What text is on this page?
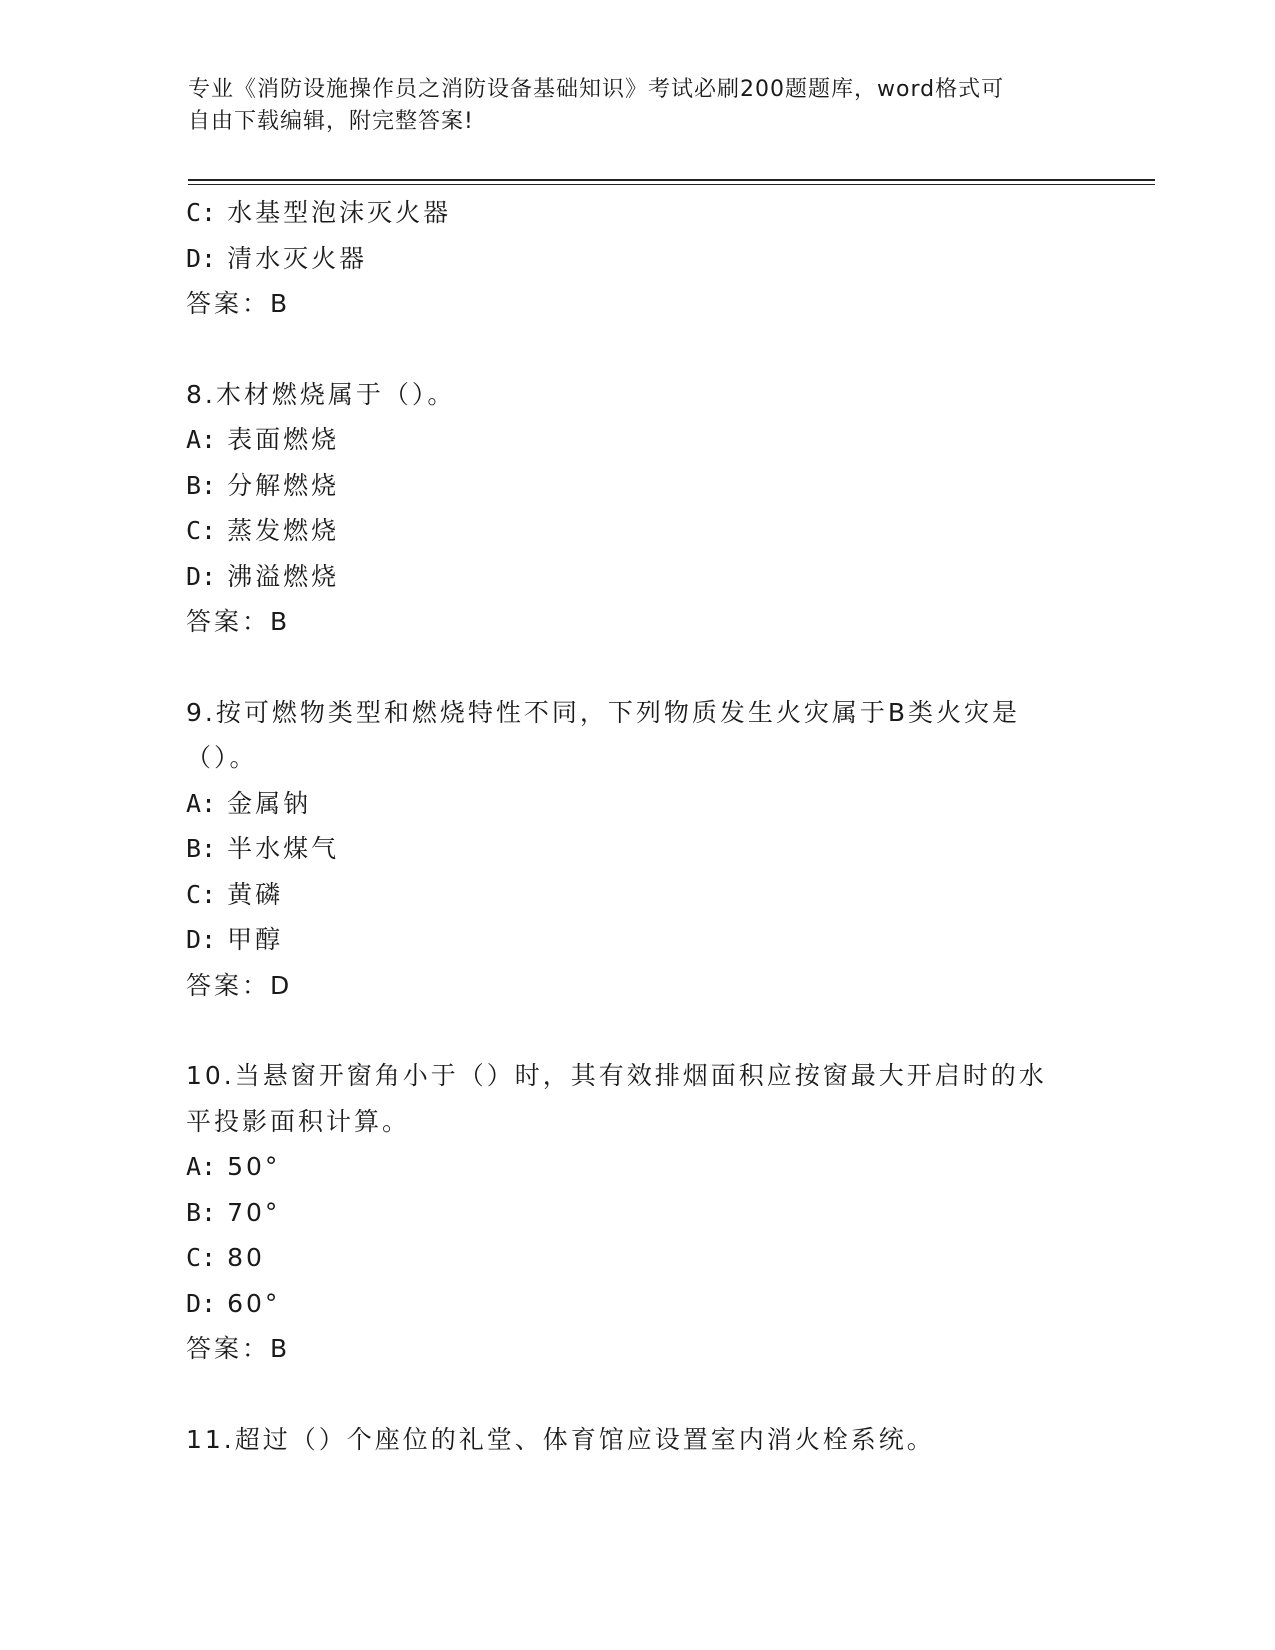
专业《消防设施操作员之消防设备基础知识》考试必刷200题题库，word格式可
自由下载编辑，附完整答案!
C: 水基型泡沫灭火器
D: 清水灭火器
答案：B
8.木材燃烧属于（）。
A: 表面燃烧
B: 分解燃烧
C: 蒸发燃烧
D: 沸溢燃烧
答案：B
9.按可燃物类型和燃烧特性不同，下列物质发生火灾属于B类火灾是
（）。
A: 金属钠
B: 半水煤气
C: 黄磷
D: 甲醇
答案：D
10.当悬窗开窗角小于（）时，其有效排烟面积应按窗最大开启时的水
平投影面积计算。
A: 50°
B: 70°
C: 80
D: 60°
答案：B
11.超过（）个座位的礼堂、体育馆应设置室内消火栓系统。
